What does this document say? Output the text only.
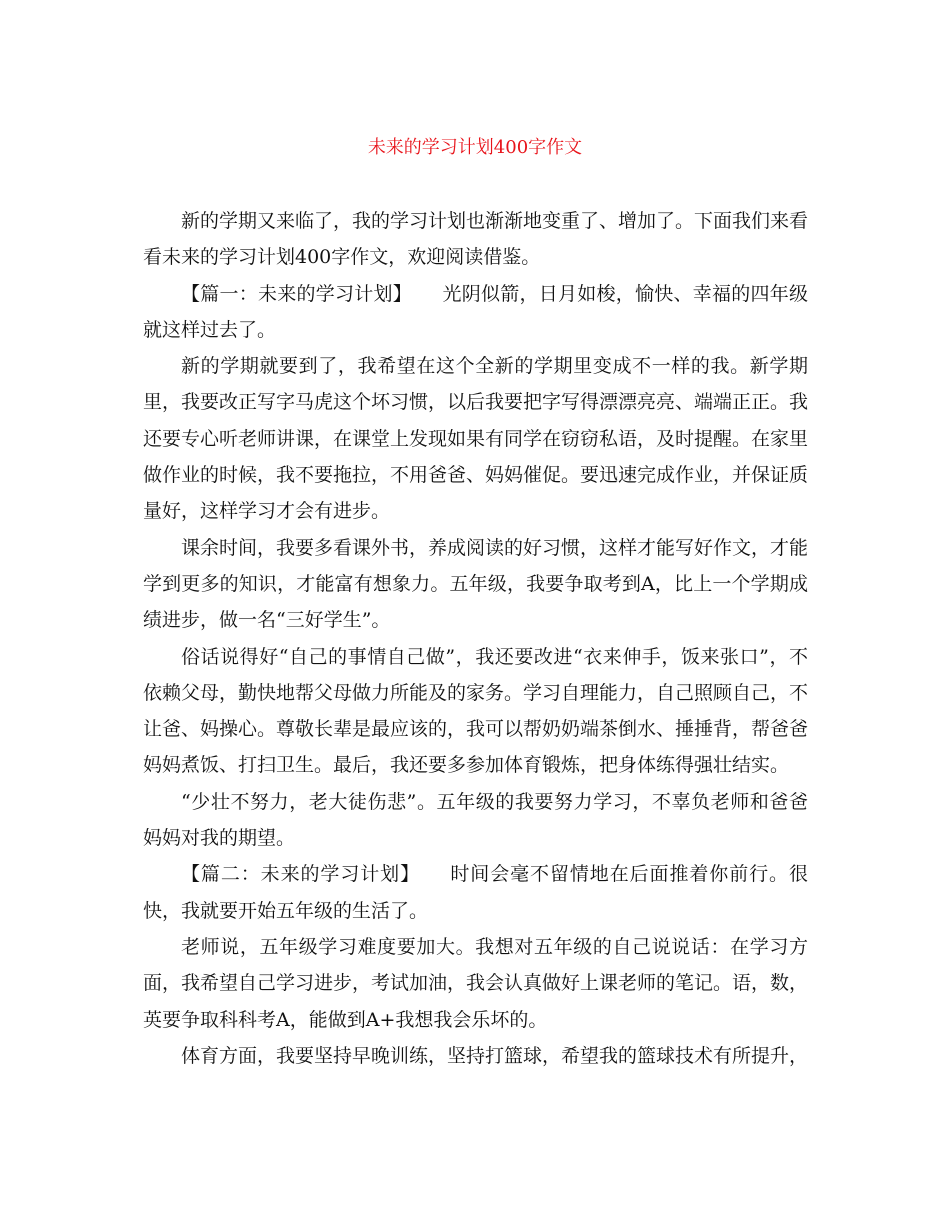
未来的学习计划400字作文

新的学期又来临了，我的学习计划也渐渐地变重了、增加了。下面我们来看看未来的学习计划400字作文，欢迎阅读借鉴。

【篇一：未来的学习计划】 光阴似箭，日月如梭，愉快、幸福的四年级就这样过去了。

新的学期就要到了，我希望在这个全新的学期里变成不一样的我。新学期里，我要改正写字马虎这个坏习惯，以后我要把字写得漂漂亮亮、端端正正。我还要专心听老师讲课，在课堂上发现如果有同学在窃窃私语，及时提醒。在家里做作业的时候，我不要拖拉，不用爸爸、妈妈催促。要迅速完成作业，并保证质量好，这样学习才会有进步。

课余时间，我要多看课外书，养成阅读的好习惯，这样才能写好作文，才能学到更多的知识，才能富有想象力。五年级，我要争取考到A，比上一个学期成绩进步，做一名“三好学生”。

俗话说得好“自己的事情自己做”，我还要改进“衣来伸手，饭来张口”，不依赖父母，勤快地帮父母做力所能及的家务。学习自理能力，自己照顾自己，不让爸、妈操心。尊敬长辈是最应该的，我可以帮奶奶端茶倒水、捶捶背，帮爸爸妈妈煮饭、打扫卫生。最后，我还要多参加体育锻炼，把身体练得强壮结实。

“少壮不努力，老大徒伤悲”。五年级的我要努力学习，不辜负老师和爸爸妈妈对我的期望。

【篇二：未来的学习计划】 时间会毫不留情地在后面推着你前行。很快，我就要开始五年级的生活了。

老师说，五年级学习难度要加大。我想对五年级的自己说说话：在学习方面，我希望自己学习进步，考试加油，我会认真做好上课老师的笔记。语，数，英要争取科科考A，能做到A+我想我会乐坏的。

体育方面，我要坚持早晚训练，坚持打篮球，希望我的篮球技术有所提升，
